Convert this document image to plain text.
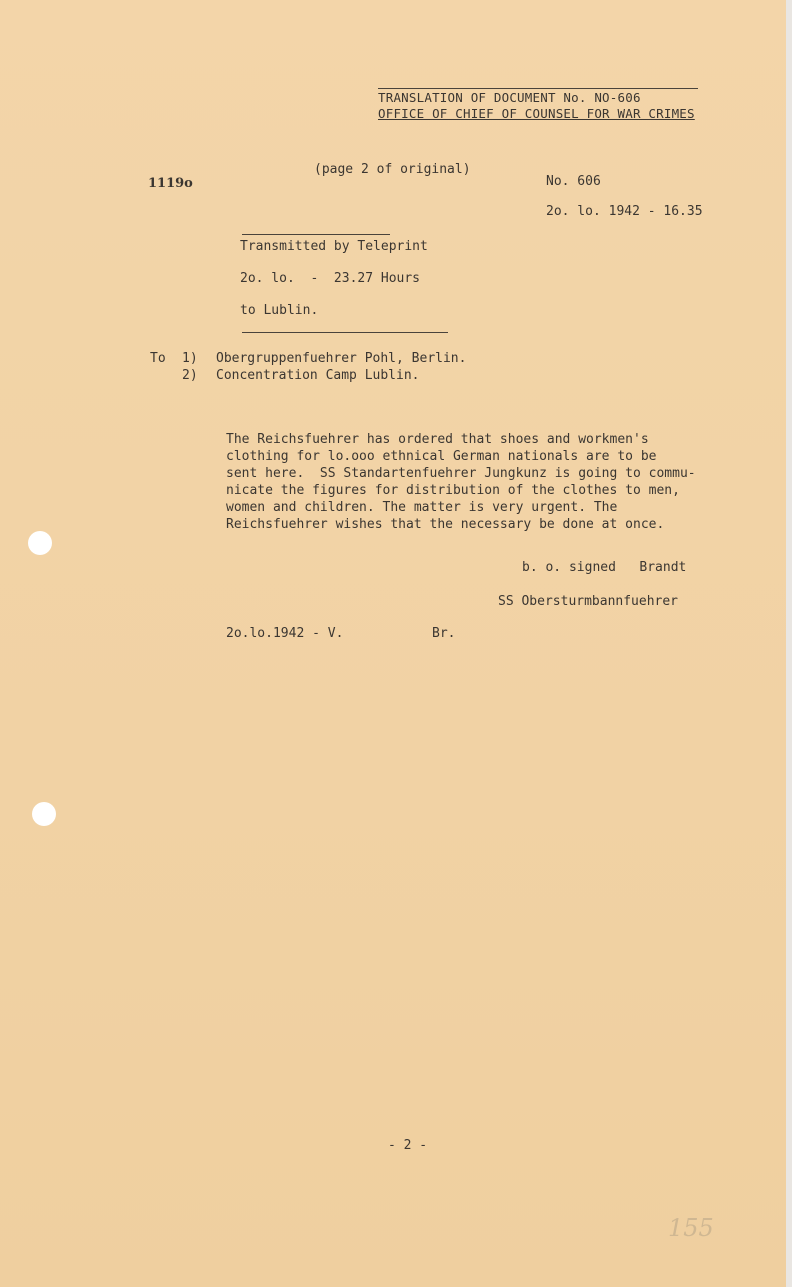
TRANSLATION OF DOCUMENT No. NO-606
OFFICE OF CHIEF OF COUNSEL FOR WAR CRIMES
1119o
(page 2 of original)
No. 606
2o. lo. 1942 - 16.35
Transmitted by Teleprint
2o. lo.  -  23.27 Hours
to Lublin.
To 1) Obergruppenfuehrer Pohl, Berlin.
2) Concentration Camp Lublin.
The Reichsfuehrer has ordered that shoes and workmen's
clothing for lo.ooo ethnical German nationals are to be
sent here.  SS Standartenfuehrer Jungkunz is going to commu-
nicate the figures for distribution of the clothes to men,
women and children. The matter is very urgent. The
Reichsfuehrer wishes that the necessary be done at once.
b. o. signed   Brandt
SS Obersturmbannfuehrer
2o.lo.1942 - V.	Br.
- 2 -
155
